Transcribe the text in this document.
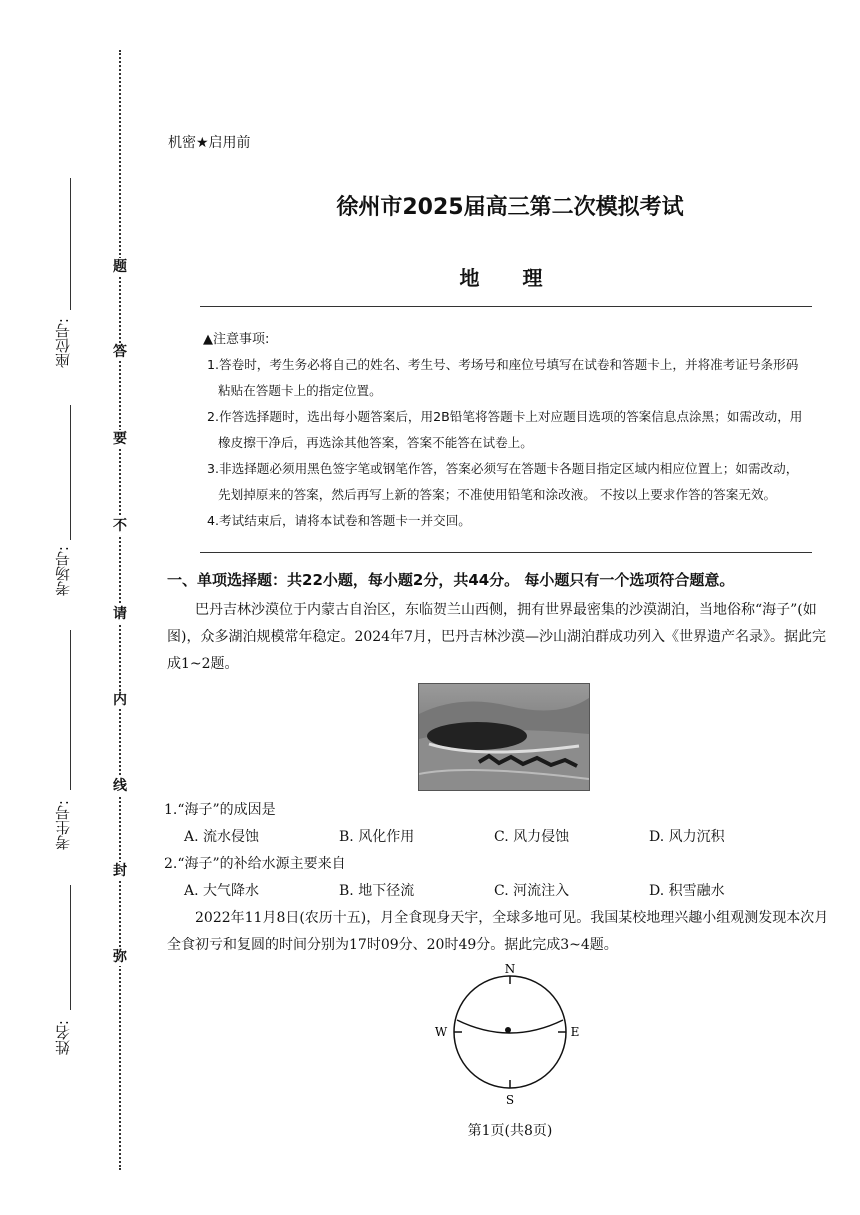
座位号:
考场号:
考生号:
姓名:
题
答
要
不
请
内
线
封
弥
机密★启用前
徐州市2025届高三第二次模拟考试
地 理
▲注意事项:
1.答卷时，考生务必将自己的姓名、考生号、考场号和座位号填写在试卷和答题卡上，并将准考证号条形码粘贴在答题卡上的指定位置。
2.作答选择题时，选出每小题答案后，用2B铅笔将答题卡上对应题目选项的答案信息点涂黑；如需改动，用橡皮擦干净后，再选涂其他答案，答案不能答在试卷上。
3.非选择题必须用黑色签字笔或钢笔作答，答案必须写在答题卡各题目指定区域内相应位置上；如需改动，先划掉原来的答案，然后再写上新的答案；不准使用铅笔和涂改液。 不按以上要求作答的答案无效。
4.考试结束后，请将本试卷和答题卡一并交回。
一、单项选择题：共22小题，每小题2分，共44分。 每小题只有一个选项符合题意。

巴丹吉林沙漠位于内蒙古自治区，东临贺兰山西侧，拥有世界最密集的沙漠湖泊，当地俗称“海子”(如图)，众多湖泊规模常年稳定。2024年7月，巴丹吉林沙漠—沙山湖泊群成功列入《世界遗产名录》。据此完成1~2题。

1.“海子”的成因是
A. 流水侵蚀	B. 风化作用	C. 风力侵蚀	D. 风力沉积
2.“海子”的补给水源主要来自
A. 大气降水	B. 地下径流	C. 河流注入	D. 积雪融水

2022年11月8日(农历十五)，月全食现身天宇，全球多地可见。我国某校地理兴趣小组观测发现本次月全食初亏和复圆的时间分别为17时09分、20时49分。据此完成3~4题。

N
S
W	E
第1页(共8页)
